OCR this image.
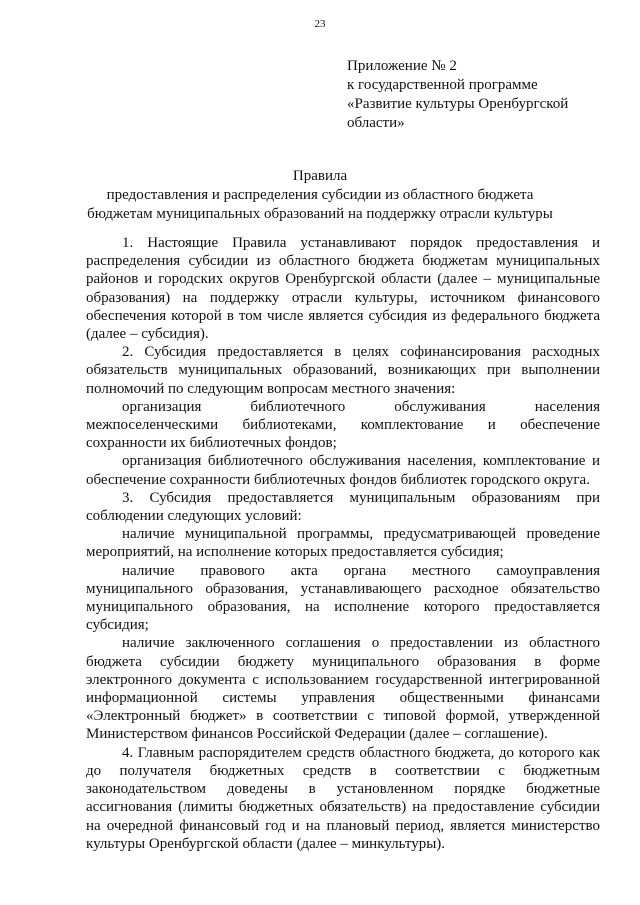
23
Приложение № 2
к государственной программе
«Развитие культуры Оренбургской
области»
Правила
предоставления и распределения субсидии из областного бюджета
бюджетам муниципальных образований на поддержку отрасли культуры

1. Настоящие Правила устанавливают порядок предоставления и распределения субсидии из областного бюджета бюджетам муниципальных районов и городских округов Оренбургской области (далее – муниципальные образования) на поддержку отрасли культуры, источником финансового обеспечения которой в том числе является субсидия из федерального бюджета (далее – субсидия).

2. Субсидия предоставляется в целях софинансирования расходных обязательств муниципальных образований, возникающих при выполнении полномочий по следующим вопросам местного значения:

организация библиотечного обслуживания населения межпоселенческими библиотеками, комплектование и обеспечение сохранности их библиотечных фондов;

организация библиотечного обслуживания населения, комплектование и обеспечение сохранности библиотечных фондов библиотек городского округа.

3. Субсидия предоставляется муниципальным образованиям при соблюдении следующих условий:

наличие муниципальной программы, предусматривающей проведение мероприятий, на исполнение которых предоставляется субсидия;

наличие правового акта органа местного самоуправления муниципального образования, устанавливающего расходное обязательство муниципального образования, на исполнение которого предоставляется субсидия;

наличие заключенного соглашения о предоставлении из областного бюджета субсидии бюджету муниципального образования в форме электронного документа с использованием государственной интегрированной информационной системы управления общественными финансами «Электронный бюджет» в соответствии с типовой формой, утвержденной Министерством финансов Российской Федерации (далее – соглашение).

4. Главным распорядителем средств областного бюджета, до которого как до получателя бюджетных средств в соответствии с бюджетным законодательством доведены в установленном порядке бюджетные ассигнования (лимиты бюджетных обязательств) на предоставление субсидии на очередной финансовый год и на плановый период, является министерство культуры Оренбургской области (далее – минкультуры).
